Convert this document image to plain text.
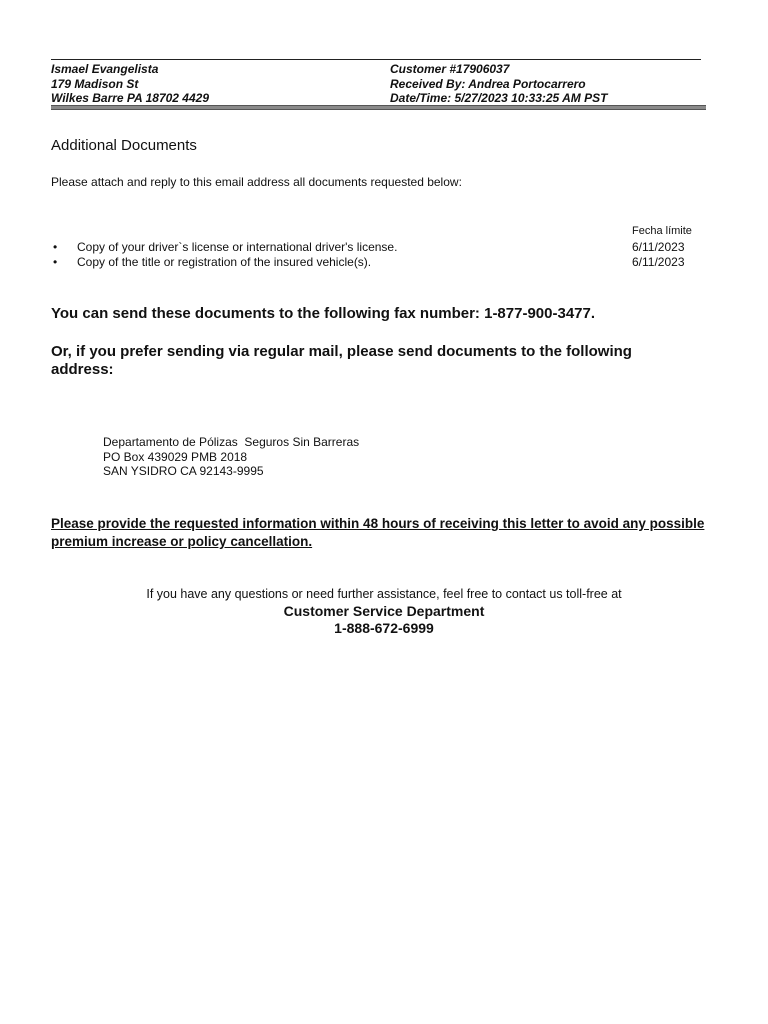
Ismael Evangelista
179 Madison St
Wilkes Barre PA 18702 4429
Customer #17906037
Received By: Andrea Portocarrero
Date/Time: 5/27/2023 10:33:25 AM PST
Additional Documents
Please attach and reply to this email address all documents requested below:
Fecha límite
• Copy of your driver`s license or international driver's license.	6/11/2023
• Copy of the title or registration of the insured vehicle(s).	6/11/2023
You can send these documents to the following fax number: 1-877-900-3477.
Or, if you prefer sending via regular mail, please send documents to the following address:
Departamento de Pólizas  Seguros Sin Barreras
PO Box 439029 PMB 2018
SAN YSIDRO CA 92143-9995
Please provide the requested information within 48 hours of receiving this letter to avoid any possible premium increase or policy cancellation.
If you have any questions or need further assistance, feel free to contact us toll-free at
Customer Service Department
1-888-672-6999
